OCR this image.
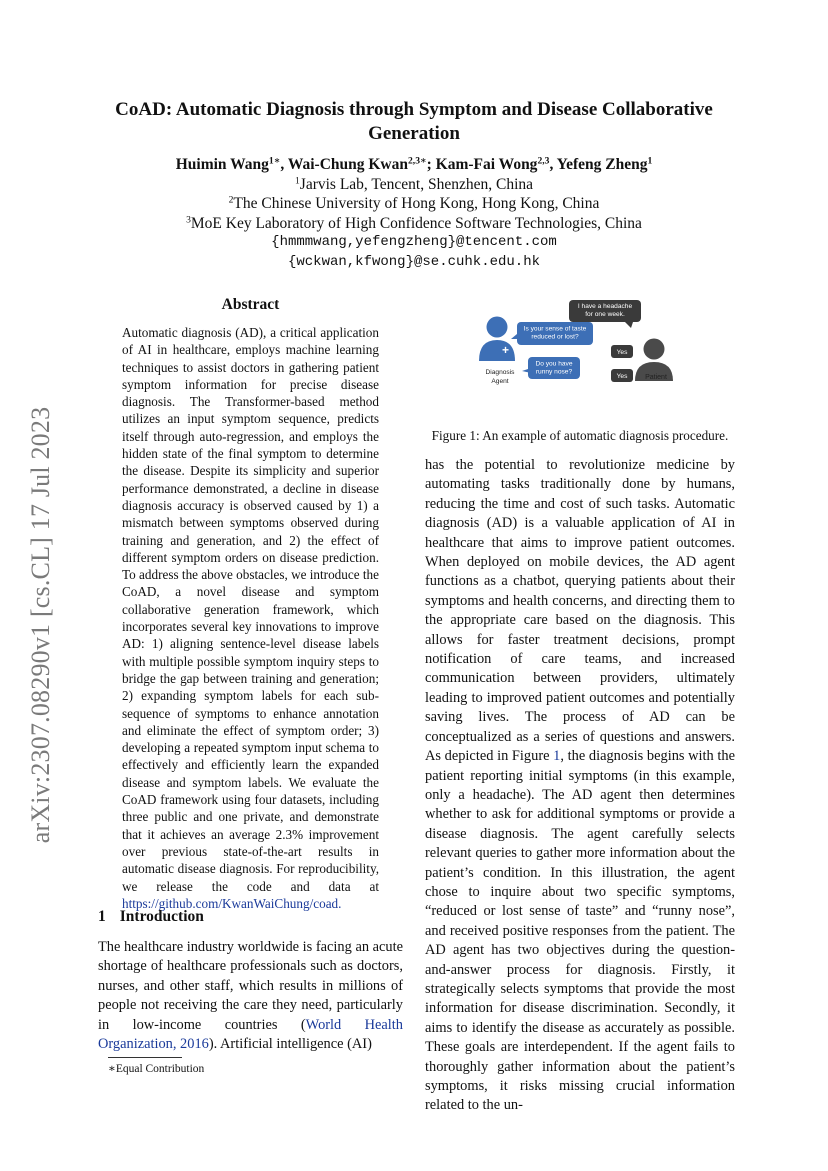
CoAD: Automatic Diagnosis through Symptom and Disease Collaborative Generation
Huimin Wang$^{1∗}$, Wai-Chung Kwan$^{2,3∗}$; Kam-Fai Wong$^{2,3}$, Yefeng Zheng$^1$
$^1$Jarvis Lab, Tencent, Shenzhen, China
$^2$The Chinese University of Hong Kong, Hong Kong, China
$^3$MoE Key Laboratory of High Confidence Software Technologies, China
{hmmmwang,yefengzheng}@tencent.com
{wckwan,kfwong}@se.cuhk.edu.hk
arXiv:2307.08290v1 [cs.CL] 17 Jul 2023
Abstract
Automatic diagnosis (AD), a critical application of AI in healthcare, employs machine learning techniques to assist doctors in gathering patient symptom information for precise disease diagnosis. The Transformer-based method utilizes an input symptom sequence, predicts itself through auto-regression, and employs the hidden state of the final symptom to determine the disease. Despite its simplicity and superior performance demonstrated, a decline in disease diagnosis accuracy is observed caused by 1) a mismatch between symptoms observed during training and generation, and 2) the effect of different symptom orders on disease prediction. To address the above obstacles, we introduce the CoAD, a novel disease and symptom collaborative generation framework, which incorporates several key innovations to improve AD: 1) aligning sentence-level disease labels with multiple possible symptom inquiry steps to bridge the gap between training and generation; 2) expanding symptom labels for each sub-sequence of symptoms to enhance annotation and eliminate the effect of symptom order; 3) developing a repeated symptom input schema to effectively and efficiently learn the expanded disease and symptom labels. We evaluate the CoAD framework using four datasets, including three public and one private, and demonstrate that it achieves an average 2.3% improvement over previous state-of-the-art results in automatic disease diagnosis. For reproducibility, we release the code and data at https://github.com/KwanWaiChung/coad.
1 Introduction
The healthcare industry worldwide is facing an acute shortage of healthcare professionals such as doctors, nurses, and other staff, which results in millions of people not receiving the care they need, particularly in low-income countries (World Health Organization, 2016). Artificial intelligence (AI)
∗Equal Contribution
I have a headache for one week.
+
Diagnosis Agent
Is your sense of taste reduced or lost?
Do you have runny nose?
Yes
Yes	Patient
Figure 1: An example of automatic diagnosis procedure.
has the potential to revolutionize medicine by automating tasks traditionally done by humans, reducing the time and cost of such tasks. Automatic diagnosis (AD) is a valuable application of AI in healthcare that aims to improve patient outcomes. When deployed on mobile devices, the AD agent functions as a chatbot, querying patients about their symptoms and health concerns, and directing them to the appropriate care based on the diagnosis. This allows for faster treatment decisions, prompt notification of care teams, and increased communication between providers, ultimately leading to improved patient outcomes and potentially saving lives. The process of AD can be conceptualized as a series of questions and answers. As depicted in Figure 1, the diagnosis begins with the patient reporting initial symptoms (in this example, only a headache). The AD agent then determines whether to ask for additional symptoms or provide a disease diagnosis. The agent carefully selects relevant queries to gather more information about the patient’s condition. In this illustration, the agent chose to inquire about two specific symptoms, “reduced or lost sense of taste” and “runny nose”, and received positive responses from the patient. The AD agent has two objectives during the question-and-answer process for diagnosis. Firstly, it strategically selects symptoms that provide the most information for disease discrimination. Secondly, it aims to identify the disease as accurately as possible. These goals are interdependent. If the agent fails to thoroughly gather information about the patient’s symptoms, it risks missing crucial information related to the un-
